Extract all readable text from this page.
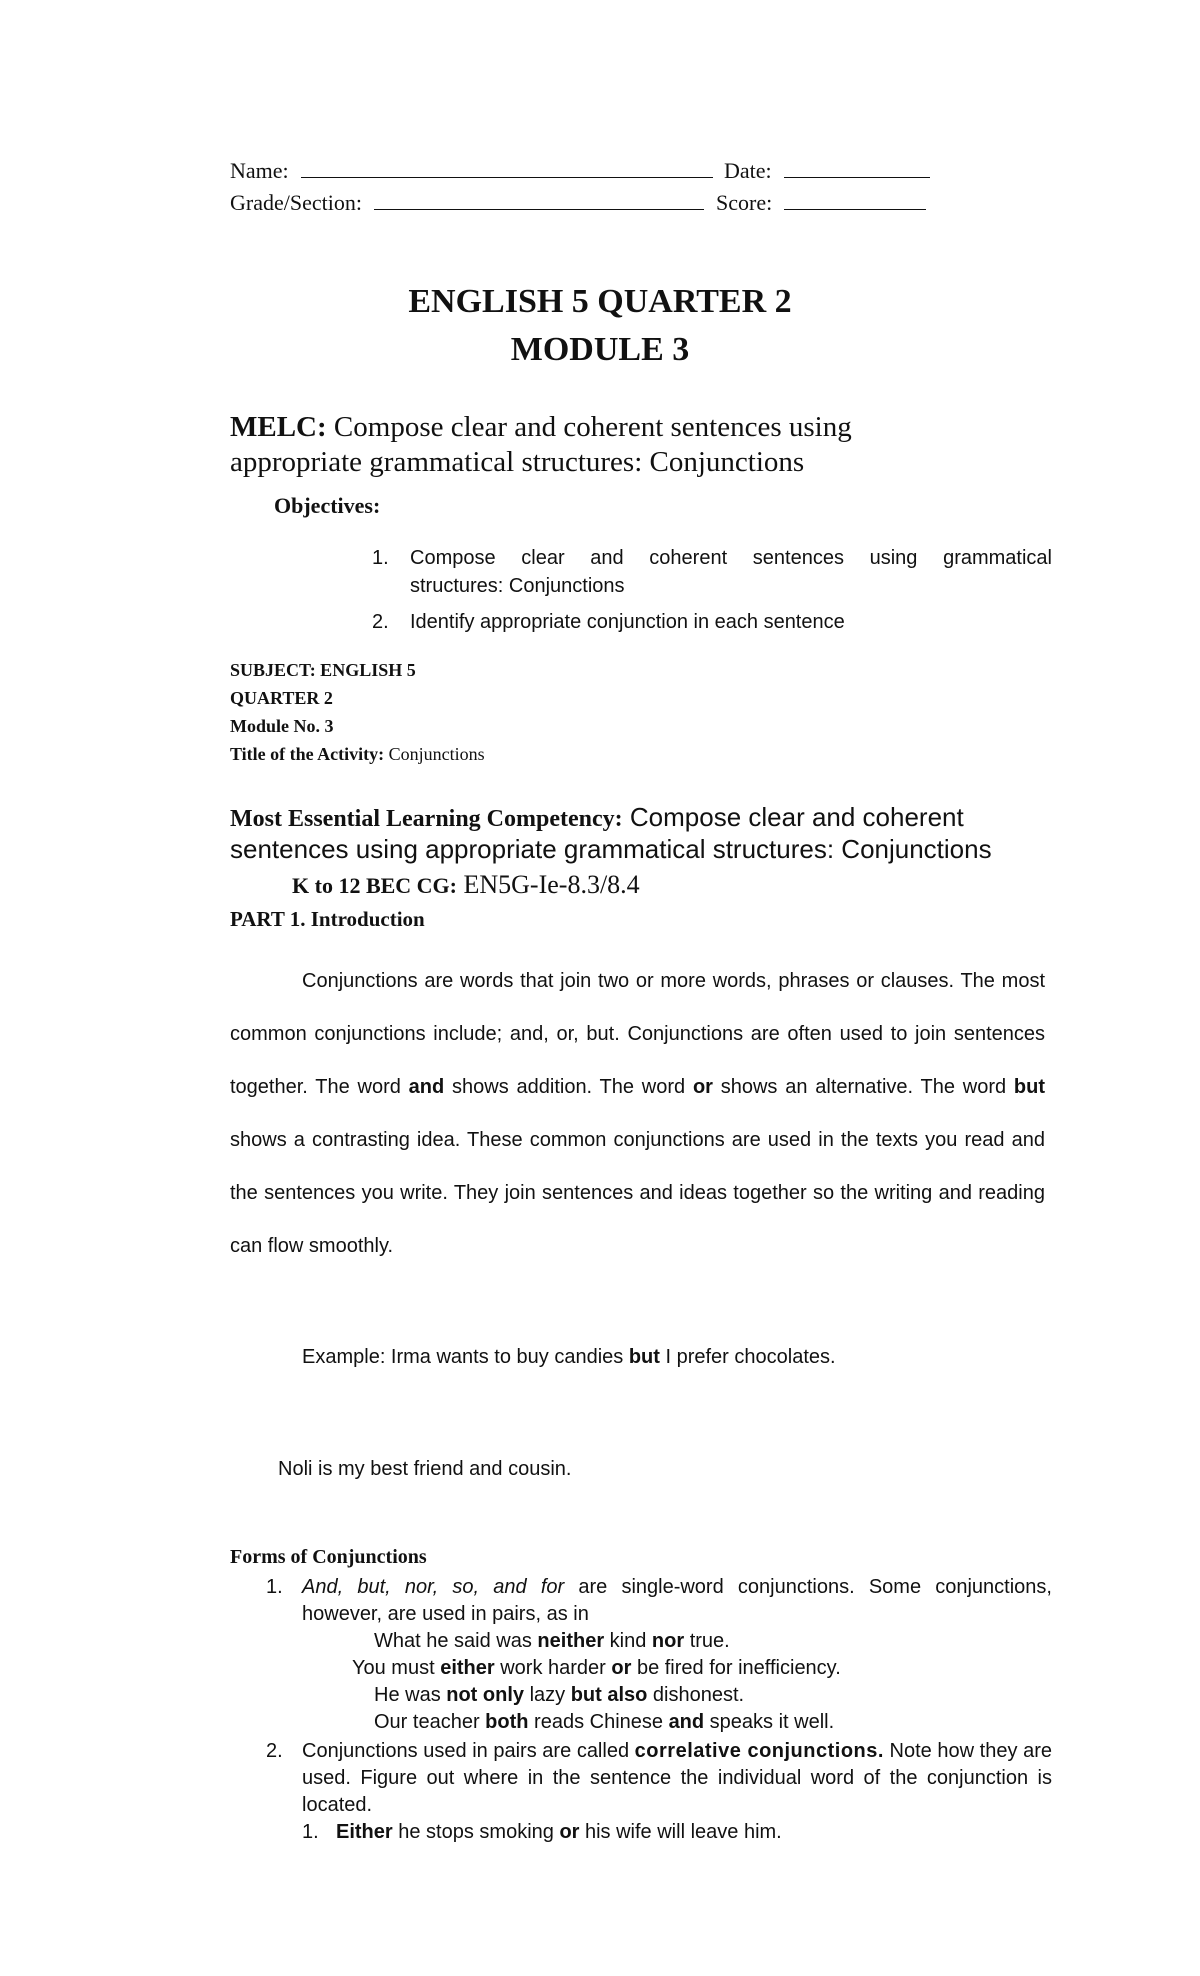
Name:	Date:
Grade/Section:	Score:
ENGLISH 5 QUARTER 2
MODULE 3
MELC: Compose clear and coherent sentences using
appropriate grammatical structures: Conjunctions
Objectives:
1. Compose clear and coherent sentences using grammatical
structures: Conjunctions
2. Identify appropriate conjunction in each sentence
SUBJECT: ENGLISH 5
QUARTER 2
Module No. 3
Title of the Activity: Conjunctions
Most Essential Learning Competency: Compose clear and coherent
sentences using appropriate grammatical structures: Conjunctions
K to 12 BEC CG: EN5G-Ie-8.3/8.4
PART 1. Introduction
Conjunctions are words that join two or more words, phrases or clauses. The most common conjunctions include; and, or, but. Conjunctions are often used to join sentences together. The word and shows addition. The word or shows an alternative. The word but shows a contrasting idea. These common conjunctions are used in the texts you read and the sentences you write. They join sentences and ideas together so the writing and reading can flow smoothly.
Example: Irma wants to buy candies but I prefer chocolates.
Noli is my best friend and cousin.
Forms of Conjunctions
1. And, but, nor, so, and for are single-word conjunctions. Some conjunctions,
however, are used in pairs, as in
What he said was neither kind nor true.
You must either work harder or be fired for inefficiency.
He was not only lazy but also dishonest.
Our teacher both reads Chinese and speaks it well.
2. Conjunctions used in pairs are called correlative conjunctions. Note how they are used. Figure out where in the sentence the individual word of the conjunction is located.
1. Either he stops smoking or his wife will leave him.
